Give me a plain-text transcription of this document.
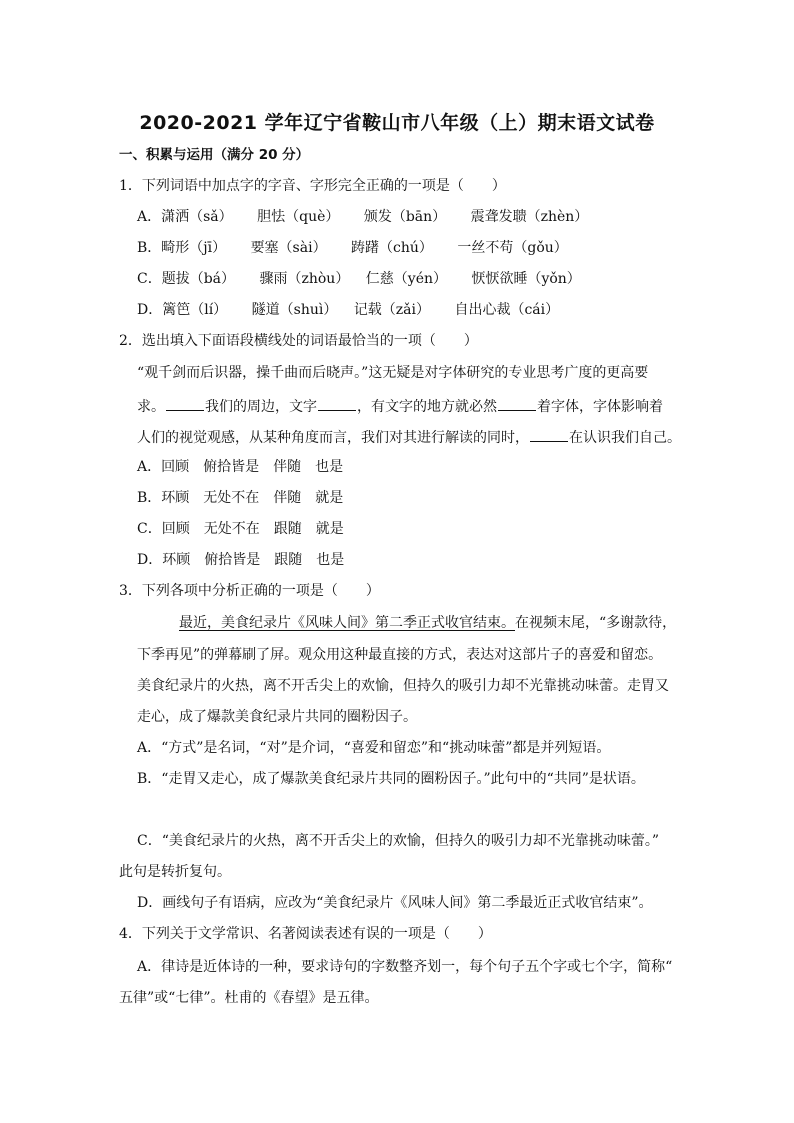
2020-2021 学年辽宁省鞍山市八年级（上）期末语文试卷
一、积累与运用（满分 20 分）
1．下列词语中加点字的字音、字形完全正确的一项是（　　）
A．潇洒（sǎ） 胆怯（què） 颁发（bān） 震聋发聩（zhèn）
B．畸形（jī） 要塞（sài） 踌躇（chú） 一丝不苟（gǒu）
C．题拔（bá） 骤雨（zhòu） 仁慈（yén） 恹恹欲睡（yǒn）
D．篱笆（lí） 隧道（shuì） 记载（zǎi） 自出心裁（cái）
2．选出填入下面语段横线处的词语最恰当的一项（　　）
“观千剑而后识器，操千曲而后晓声。”这无疑是对字体研究的专业思考广度的更高要
求。	我们的周边，文字	，有文字的地方就必然	着字体，字体影响着
人们的视觉观感，从某种角度而言，我们对其进行解读的同时，	在认识我们自己。
A．回顾　俯拾皆是　伴随　也是
B．环顾　无处不在　伴随　就是
C．回顾　无处不在　跟随　就是
D．环顾　俯拾皆是　跟随　也是
3．下列各项中分析正确的一项是（　　）
最近，美食纪录片《风味人间》第二季正式收官结束。在视频末尾，“多谢款待，
下季再见”的弹幕刷了屏。观众用这种最直接的方式，表达对这部片子的喜爱和留恋。
美食纪录片的火热，离不开舌尖上的欢愉，但持久的吸引力却不光靠挑动味蕾。走胃又
走心，成了爆款美食纪录片共同的圈粉因子。
A．“方式”是名词，“对”是介词，“喜爱和留恋”和“挑动味蕾”都是并列短语。
B．“走胃又走心，成了爆款美食纪录片共同的圈粉因子。”此句中的“共同”是状语。
C．“美食纪录片的火热，离不开舌尖上的欢愉，但持久的吸引力却不光靠挑动味蕾。”
此句是转折复句。
D．画线句子有语病，应改为“美食纪录片《风味人间》第二季最近正式收官结束”。
4．下列关于文学常识、名著阅读表述有误的一项是（　　）
A．律诗是近体诗的一种，要求诗句的字数整齐划一，每个句子五个字或七个字，简称“
五律”或“七律”。杜甫的《春望》是五律。
